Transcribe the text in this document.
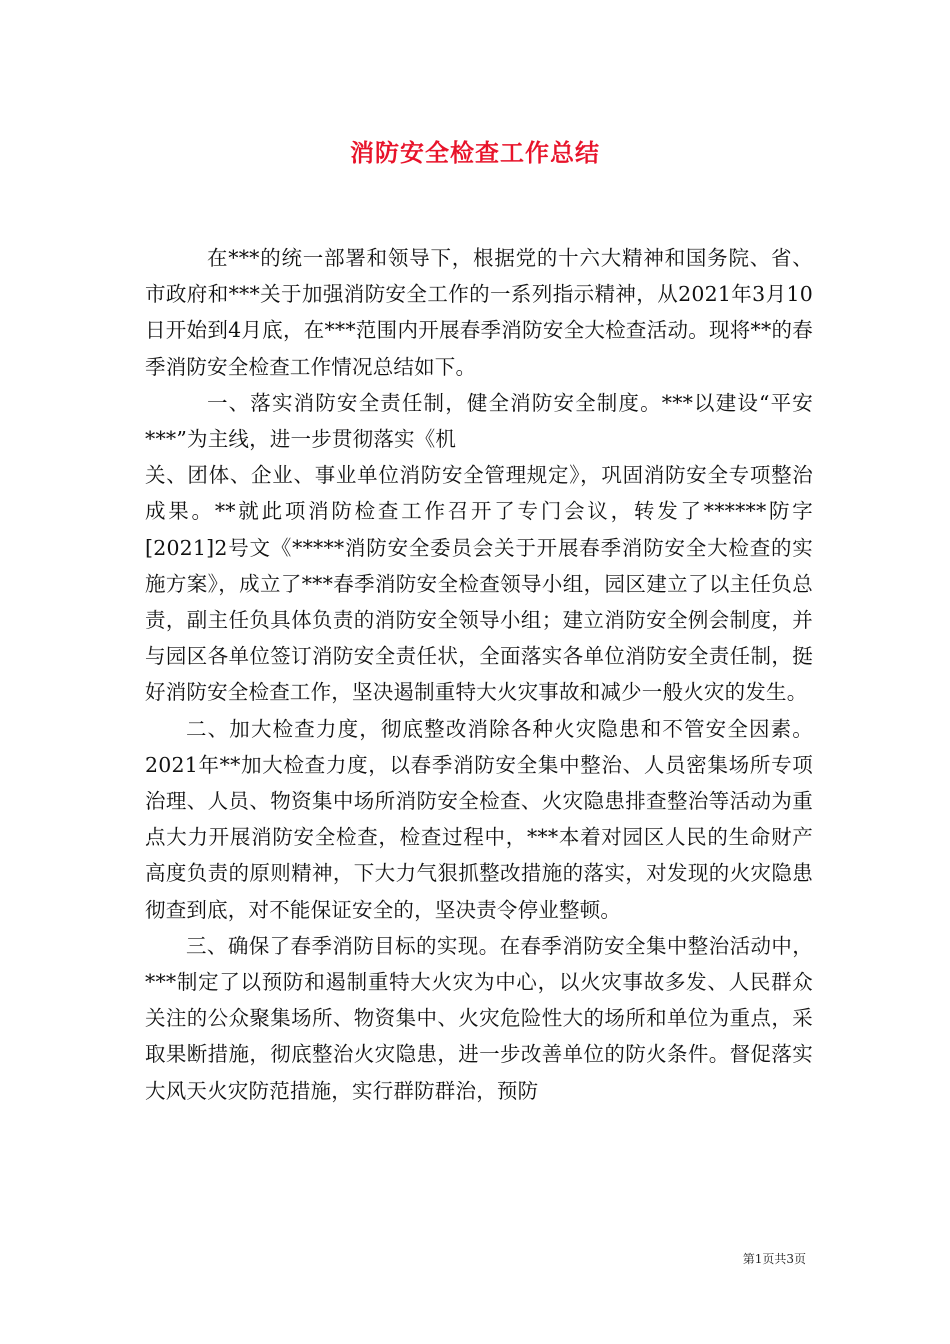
消防安全检查工作总结

在***的统一部署和领导下，根据党的十六大精神和国务院、省、市政府和***关于加强消防安全工作的一系列指示精神，从2021年3月10日开始到4月底，在***范围内开展春季消防安全大检查活动。现将**的春季消防安全检查工作情况总结如下。

一、落实消防安全责任制，健全消防安全制度。***以建设“平安***”为主线，进一步贯彻落实《机

关、团体、企业、事业单位消防安全管理规定》，巩固消防安全专项整治成果。**就此项消防检查工作召开了专门会议，转发了******防字[2021]2号文《*****消防安全委员会关于开展春季消防安全大检查的实施方案》，成立了***春季消防安全检查领导小组，园区建立了以主任负总责，副主任负具体负责的消防安全领导小组；建立消防安全例会制度，并与园区各单位签订消防安全责任状，全面落实各单位消防安全责任制，挺好消防安全检查工作，坚决遏制重特大火灾事故和减少一般火灾的发生。

二、加大检查力度，彻底整改消除各种火灾隐患和不管安全因素。2021年**加大检查力度，以春季消防安全集中整治、人员密集场所专项治理、人员、物资集中场所消防安全检查、火灾隐患排查整治等活动为重点大力开展消防安全检查，检查过程中，***本着对园区人民的生命财产高度负责的原则精神，下大力气狠抓整改措施的落实，对发现的火灾隐患彻查到底，对不能保证安全的，坚决责令停业整顿。

三、确保了春季消防目标的实现。在春季消防安全集中整治活动中，***制定了以预防和遏制重特大火灾为中心，以火灾事故多发、人民群众关注的公众聚集场所、物资集中、火灾危险性大的场所和单位为重点，采取果断措施，彻底整治火灾隐患，进一步改善单位的防火条件。督促落实大风天火灾防范措施，实行群防群治，预防

第1页共3页
